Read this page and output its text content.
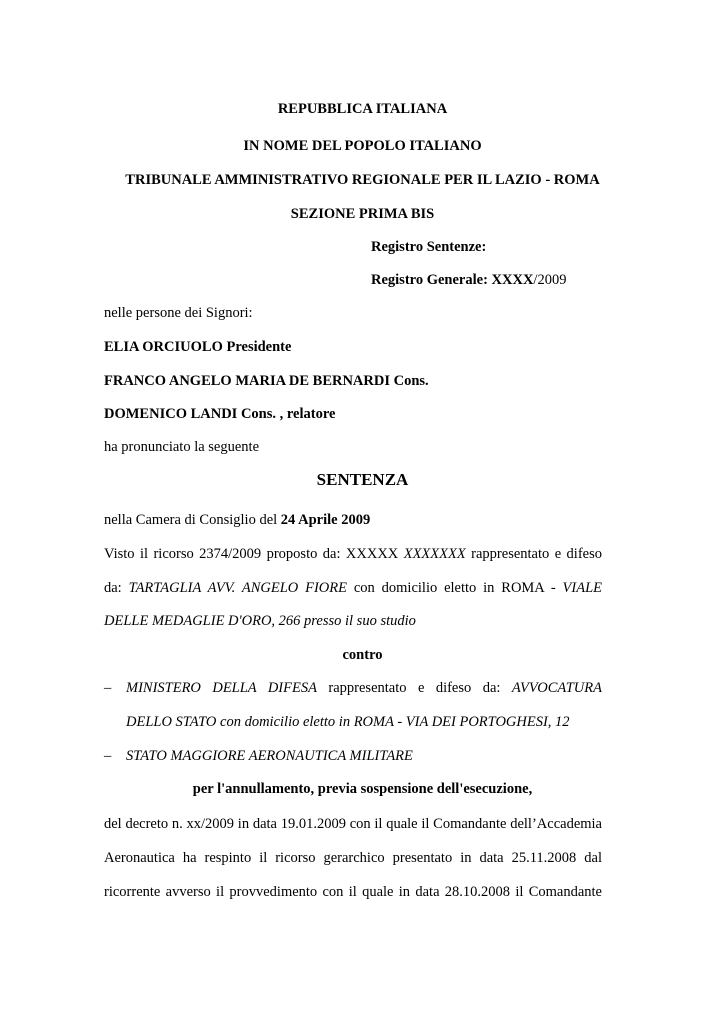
REPUBBLICA ITALIANA
IN NOME DEL POPOLO ITALIANO
TRIBUNALE AMMINISTRATIVO REGIONALE PER IL LAZIO - ROMA
SEZIONE PRIMA BIS
Registro Sentenze:
Registro Generale: XXXX/2009
nelle persone dei Signori:
ELIA ORCIUOLO Presidente
FRANCO ANGELO MARIA DE BERNARDI Cons.
DOMENICO LANDI Cons. , relatore
ha pronunciato la seguente
SENTENZA
nella Camera di Consiglio del 24 Aprile 2009
Visto il ricorso 2374/2009 proposto da: XXXXX XXXXXXX rappresentato e difeso
da: TARTAGLIA AVV. ANGELO FIORE con domicilio eletto in ROMA - VIALE
DELLE MEDAGLIE D'ORO, 266 presso il suo studio
contro
– MINISTERO DELLA DIFESA rappresentato e difeso da: AVVOCATURA
DELLO STATO con domicilio eletto in ROMA - VIA DEI PORTOGHESI, 12
– STATO MAGGIORE AERONAUTICA MILITARE
per l'annullamento, previa sospensione dell'esecuzione,
del decreto n. xx/2009 in data 19.01.2009 con il quale il Comandante dell’Accademia
Aeronautica ha respinto il ricorso gerarchico presentato in data 25.11.2008 dal
ricorrente avverso il provvedimento con il quale in data 28.10.2008 il Comandante
